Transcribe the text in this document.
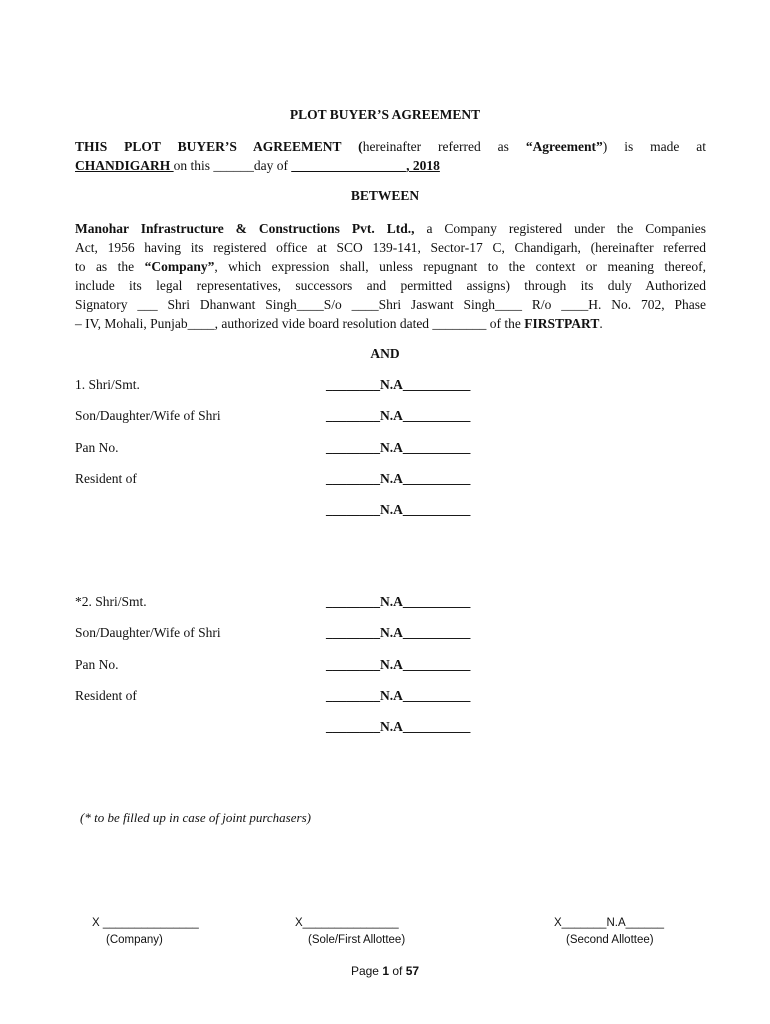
PLOT BUYER’S AGREEMENT
THIS PLOT BUYER’S AGREEMENT (hereinafter referred as “Agreement”) is made at
CHANDIGARH on this ______day of _________________, 2018
BETWEEN
Manohar Infrastructure & Constructions Pvt. Ltd., a Company registered under the Companies
Act, 1956 having its registered office at SCO 139-141, Sector-17 C, Chandigarh, (hereinafter referred
to as the “Company”, which expression shall, unless repugnant to the context or meaning thereof,
include its legal representatives, successors and permitted assigns) through its duly Authorized
Signatory ___ Shri Dhanwant Singh____S/o ____Shri Jaswant Singh____ R/o ____H. No. 702, Phase
– IV, Mohali, Punjab____, authorized vide board resolution dated ________ of the FIRSTPART.
AND
1. Shri/Smt.	________N.A__________
Son/Daughter/Wife of Shri	________N.A__________
Pan No.	________N.A__________
Resident of	________N.A__________
________N.A__________
*2. Shri/Smt.	________N.A__________
Son/Daughter/Wife of Shri	________N.A__________
Pan No.	________N.A__________
Resident of	________N.A__________
________N.A__________
(* to be filled up in case of joint purchasers)
X _______________
(Company)
X_______________
(Sole/First Allottee)
X_______N.A______
(Second Allottee)
Page 1 of 57
